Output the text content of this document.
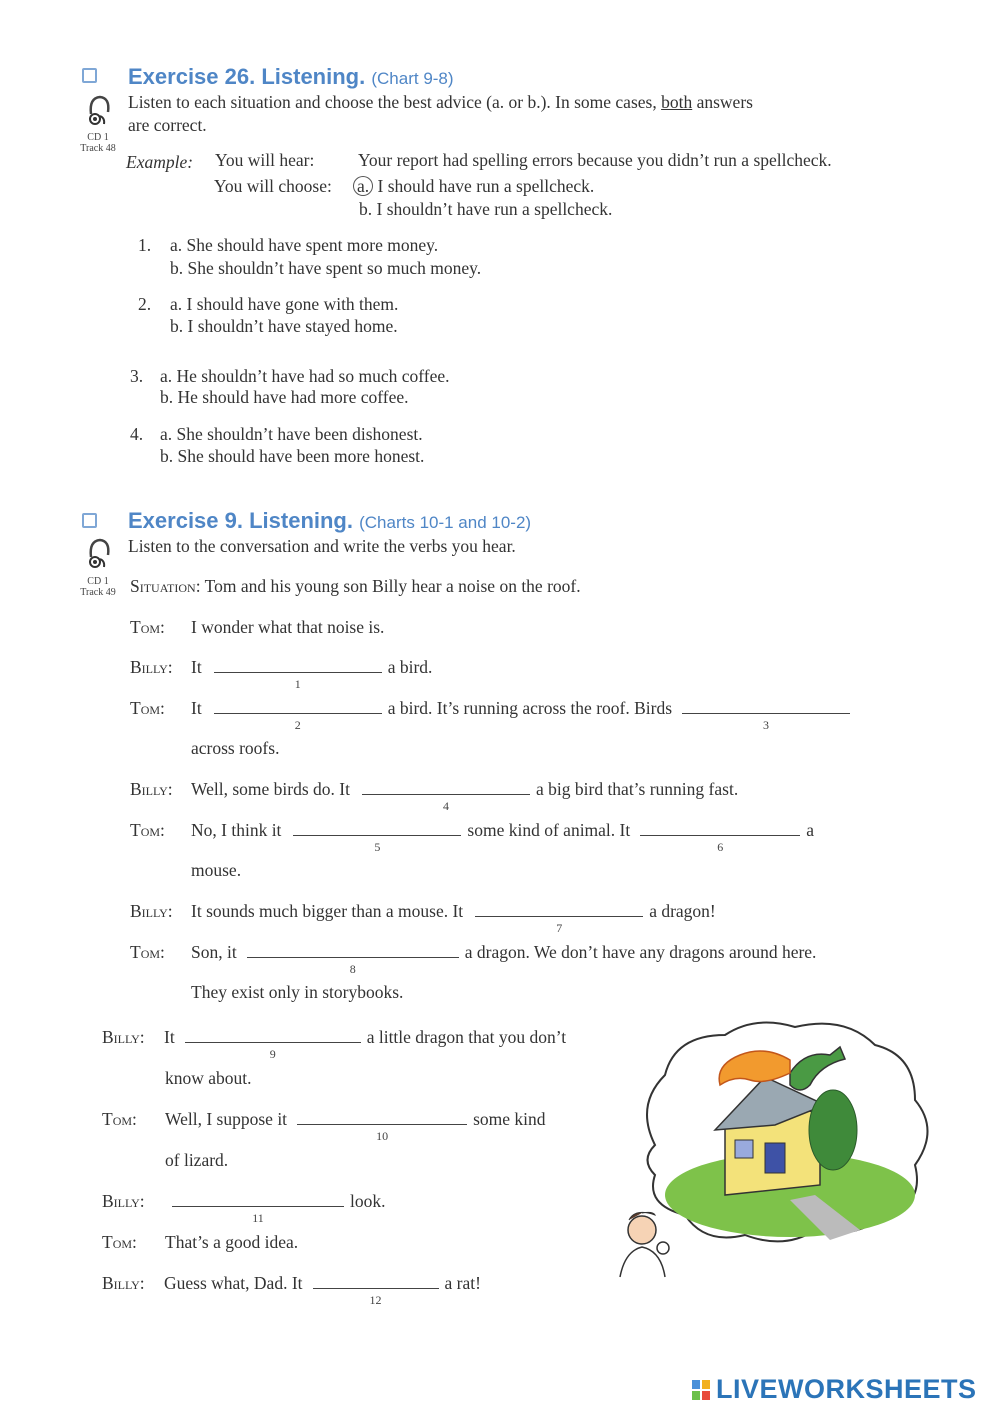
Exercise 26. Listening. (Chart 9-8)
CD 1
Track 48
Listen to each situation and choose the best advice (a. or b.). In some cases, both answers
are correct.
Example: You will hear: Your report had spelling errors because you didn’t run a spellcheck.
You will choose: a. I should have run a spellcheck.
b. I shouldn’t have run a spellcheck.
1. a. She should have spent more money.
b. She shouldn’t have spent so much money.
2. a. I should have gone with them.
b. I shouldn’t have stayed home.
3. a. He shouldn’t have had so much coffee.
b. He should have had more coffee.
4. a. She shouldn’t have been dishonest.
b. She should have been more honest.
Exercise 9. Listening. (Charts 10-1 and 10-2)
CD 1
Track 49
Listen to the conversation and write the verbs you hear.
Situation: Tom and his young son Billy hear a noise on the roof.
Tom: I wonder what that noise is.
Billy: It
1
a bird.
Tom: It
2
a bird. It’s running across the roof. Birds
3
across roofs.
Billy: Well, some birds do. It
4
a big bird that’s running fast.
Tom: No, I think it
5
some kind of animal. It
6
a
mouse.
Billy: It sounds much bigger than a mouse. It
7
a dragon!
Tom: Son, it
8
a dragon. We don’t have any dragons around here.
They exist only in storybooks.
Billy: It
9
a little dragon that you don’t
know about.
Tom: Well, I suppose it
10
some kind
of lizard.
Billy:
11
look.
Tom: That’s a good idea.
Billy: Guess what, Dad. It
12
a rat!
LIVEWORKSHEETS
